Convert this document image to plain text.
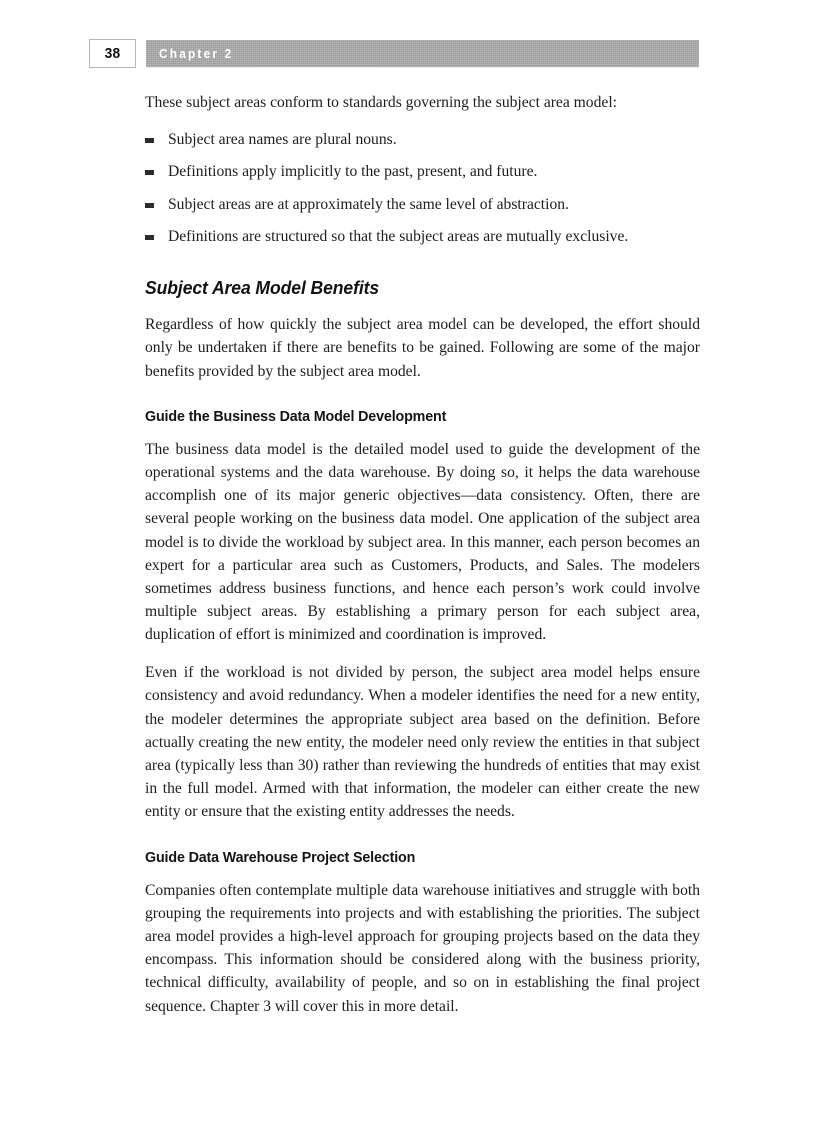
38	Chapter 2

These subject areas conform to standards governing the subject area model:

Subject area names are plural nouns.
Definitions apply implicitly to the past, present, and future.
Subject areas are at approximately the same level of abstraction.
Definitions are structured so that the subject areas are mutually exclusive.
Subject Area Model Benefits

Regardless of how quickly the subject area model can be developed, the effort should only be undertaken if there are benefits to be gained. Following are some of the major benefits provided by the subject area model.

Guide the Business Data Model Development

The business data model is the detailed model used to guide the development of the operational systems and the data warehouse. By doing so, it helps the data warehouse accomplish one of its major generic objectives—data consistency. Often, there are several people working on the business data model. One application of the subject area model is to divide the workload by subject area. In this manner, each person becomes an expert for a particular area such as Customers, Products, and Sales. The modelers sometimes address business functions, and hence each person’s work could involve multiple subject areas. By establishing a primary person for each subject area, duplication of effort is minimized and coordination is improved.

Even if the workload is not divided by person, the subject area model helps ensure consistency and avoid redundancy. When a modeler identifies the need for a new entity, the modeler determines the appropriate subject area based on the definition. Before actually creating the new entity, the modeler need only review the entities in that subject area (typically less than 30) rather than reviewing the hundreds of entities that may exist in the full model. Armed with that information, the modeler can either create the new entity or ensure that the existing entity addresses the needs.

Guide Data Warehouse Project Selection

Companies often contemplate multiple data warehouse initiatives and struggle with both grouping the requirements into projects and with establishing the priorities. The subject area model provides a high-level approach for grouping projects based on the data they encompass. This information should be considered along with the business priority, technical difficulty, availability of people, and so on in establishing the final project sequence. Chapter 3 will cover this in more detail.
